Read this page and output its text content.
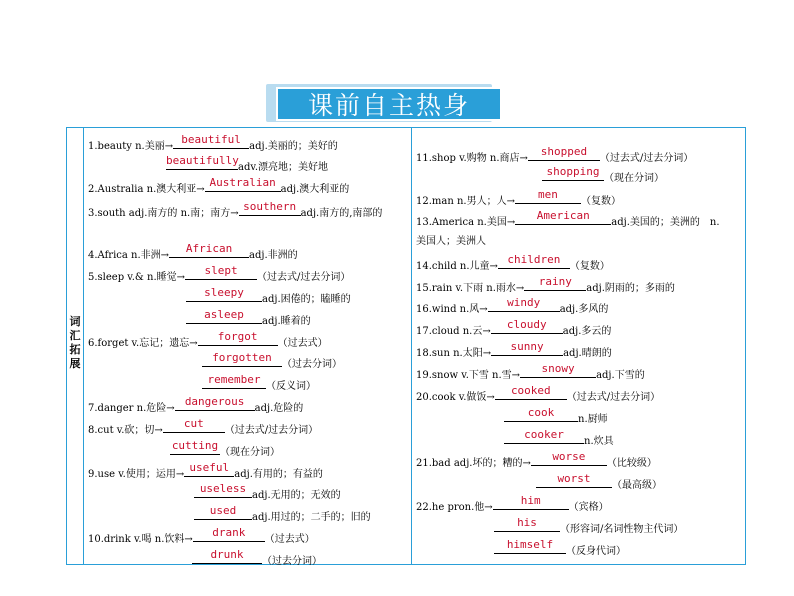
课前自主热身
词
汇
拓
展
1.beauty n.美丽→
beautiful
adj.美丽的；美好的
beautifully
adv.漂亮地；美好地
2.Australia n.澳大利亚→
Australian
adj.澳大利亚的
3.south adj.南方的 n.南；南方→
southern
adj.南方的,南部的
4.Africa n.非洲→
African
adj.非洲的
5.sleep v.& n.睡觉→
slept
（过去式/过去分词）
sleepy
adj.困倦的；瞌睡的
asleep
adj.睡着的
6.forget v.忘记；遗忘→
forgot
（过去式）
forgotten
（过去分词）
remember
（反义词）
7.danger n.危险→
dangerous
adj.危险的
8.cut v.砍；切→
cut
（过去式/过去分词）
cutting
（现在分词）
9.use v.使用；运用→
useful
adj.有用的；有益的
useless
adj.无用的；无效的
used
adj.用过的；二手的；旧的
10.drink v.喝 n.饮料→
drank
（过去式）
drunk
（过去分词）
11.shop v.购物 n.商店→
shopped
（过去式/过去分词）
shopping
（现在分词）
12.man n.男人；人→
men
（复数）
13.America n.美国→
American
adj.美国的；美洲的　n.
美国人；美洲人
14.child n.儿童→
children
（复数）
15.rain v.下雨 n.雨水→
rainy
adj.阴雨的；多雨的
16.wind n.风→
windy
adj.多风的
17.cloud n.云→
cloudy
adj.多云的
18.sun n.太阳→
sunny
adj.晴朗的
19.snow v.下雪 n.雪→
snowy
adj.下雪的
20.cook v.做饭→
cooked
（过去式/过去分词）
cook
n.厨师
cooker
n.炊具
21.bad adj.坏的；糟的→
worse
（比较级）
worst
（最高级）
22.he pron.他→
him
（宾格）
his
（形容词/名词性物主代词）
himself
（反身代词）
